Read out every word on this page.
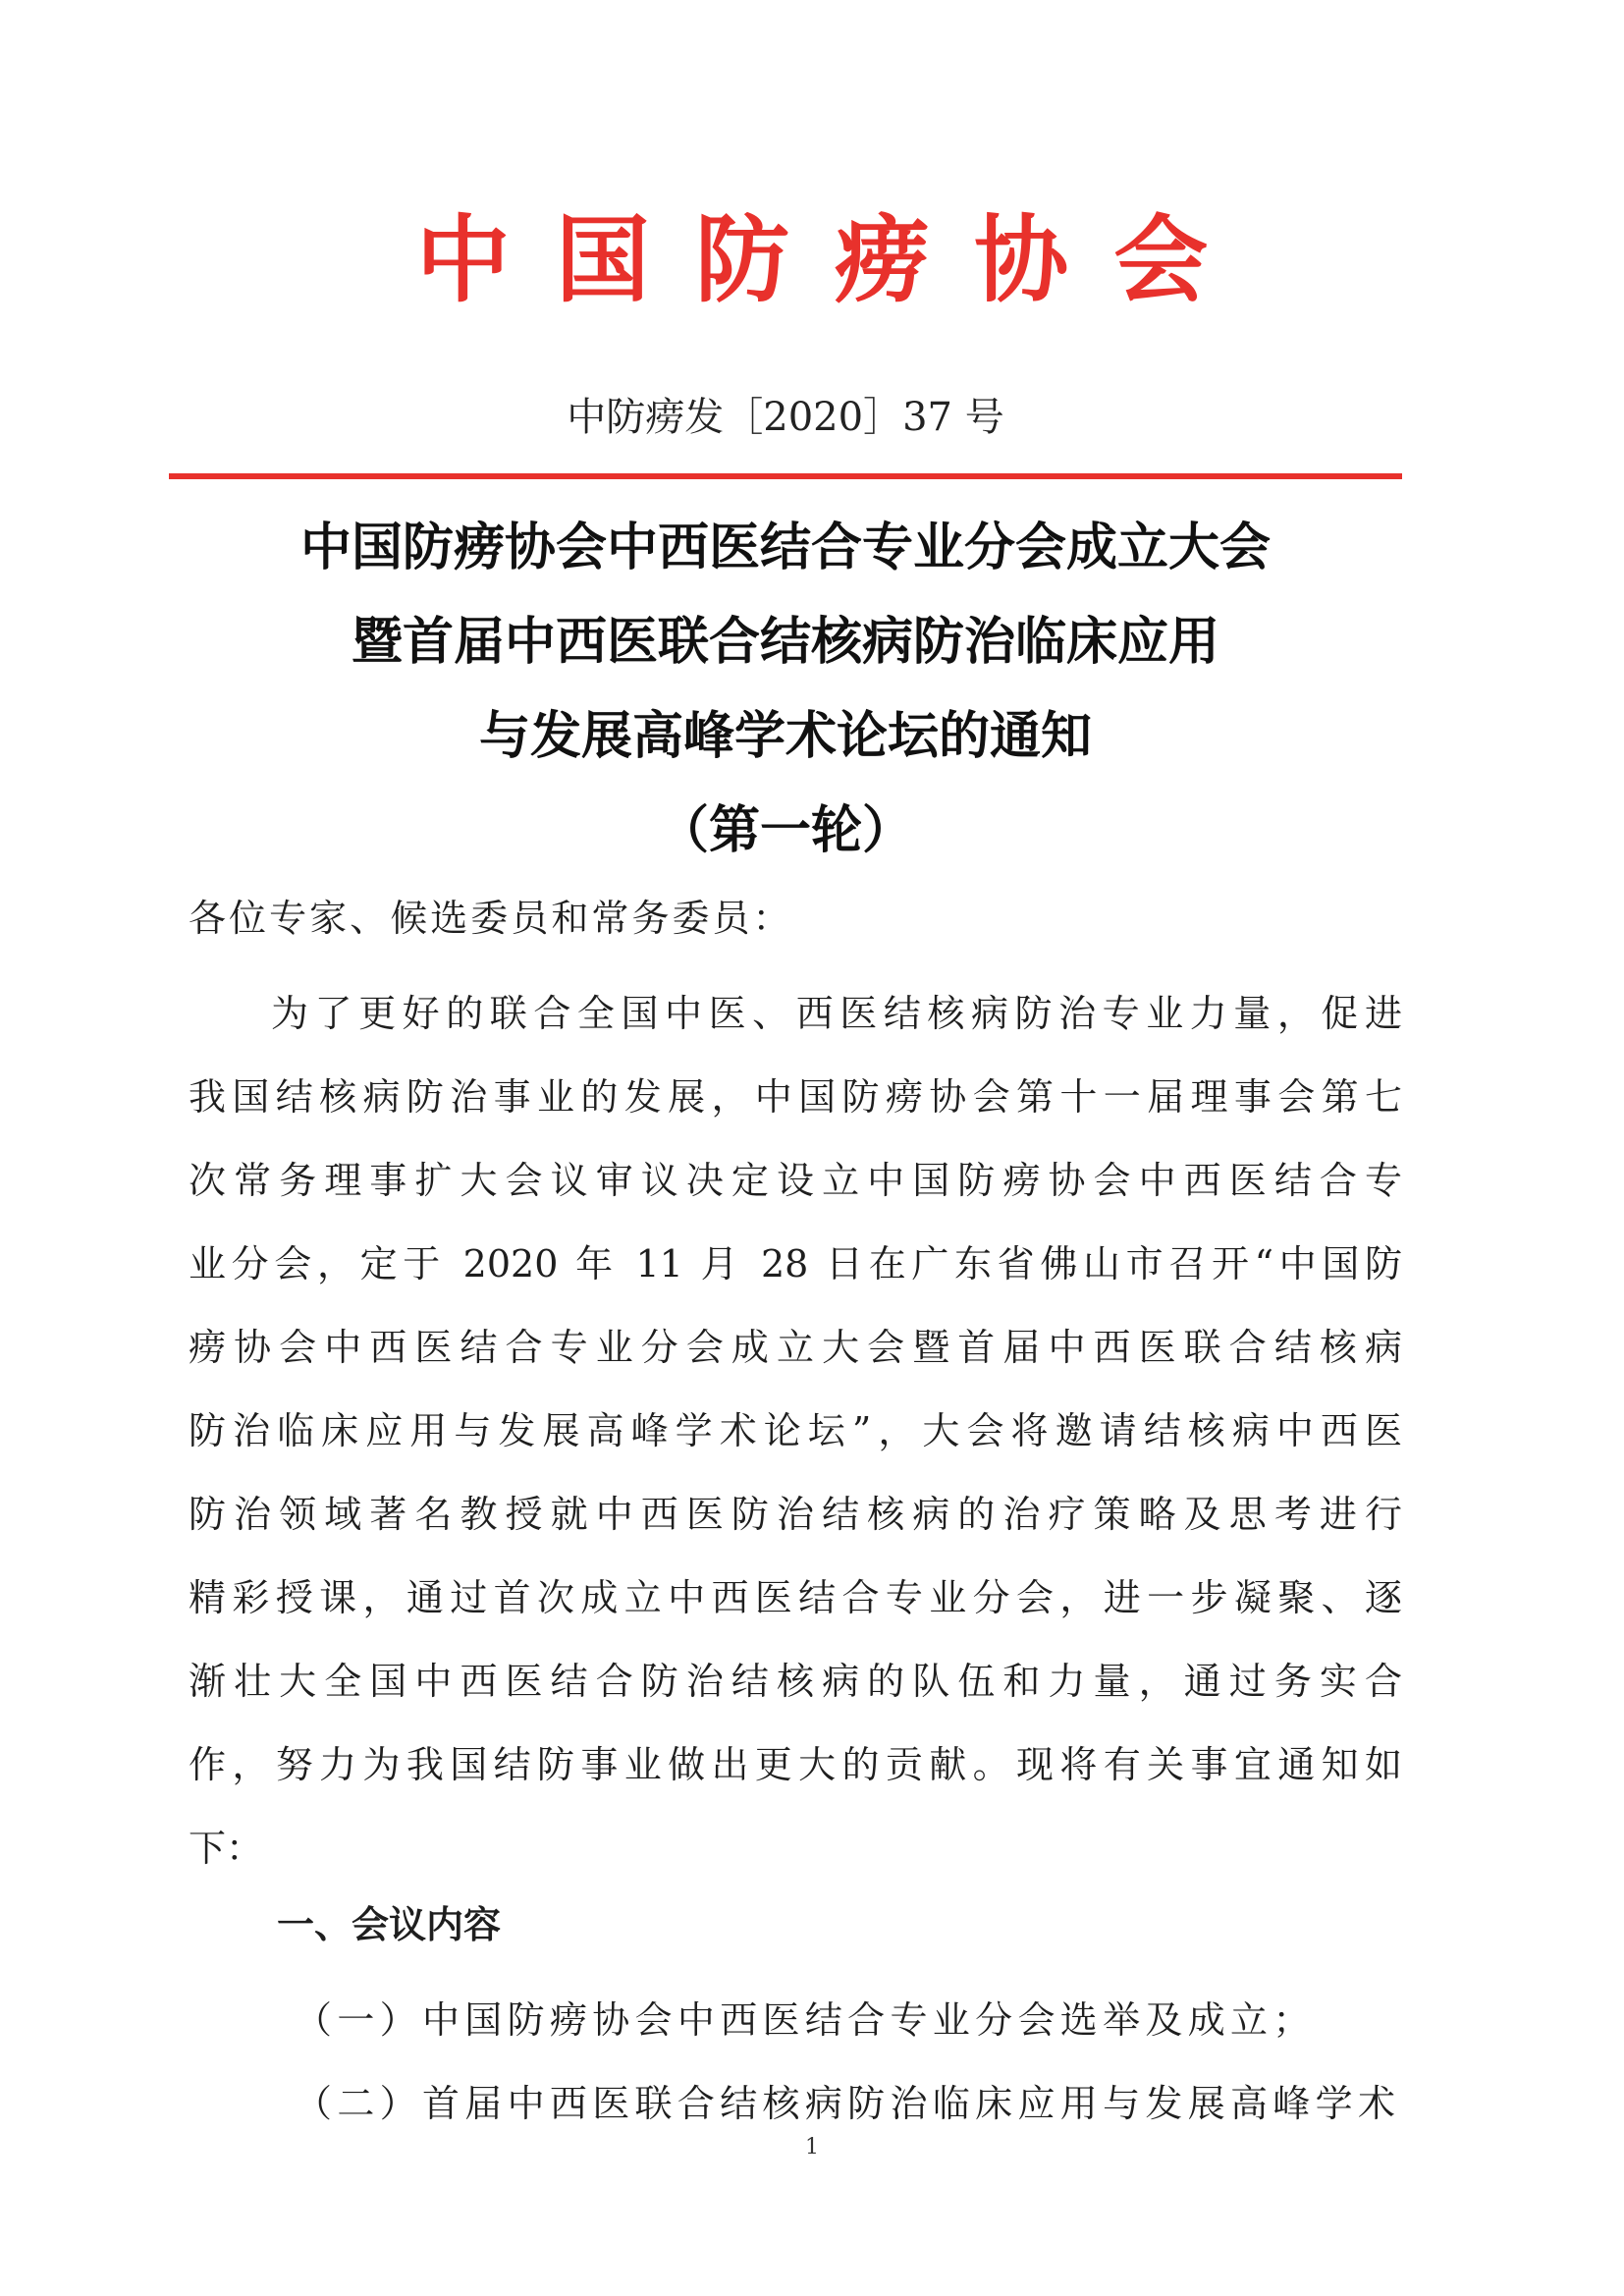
中国防痨协会
中防痨发［2020］37 号
中国防痨协会中西医结合专业分会成立大会
暨首届中西医联合结核病防治临床应用
与发展高峰学术论坛的通知
（第一轮）
各位专家、候选委员和常务委员：
为了更好的联合全国中医、西医结核病防治专业力量，促进
我国结核病防治事业的发展，中国防痨协会第十一届理事会第七
次常务理事扩大会议审议决定设立中国防痨协会中西医结合专
业分会，定于 2020 年 11 月 28 日在广东省佛山市召开“中国防
痨协会中西医结合专业分会成立大会暨首届中西医联合结核病
防治临床应用与发展高峰学术论坛”，大会将邀请结核病中西医
防治领域著名教授就中西医防治结核病的治疗策略及思考进行
精彩授课，通过首次成立中西医结合专业分会，进一步凝聚、逐
渐壮大全国中西医结合防治结核病的队伍和力量，通过务实合
作，努力为我国结防事业做出更大的贡献。现将有关事宜通知如
下：
一、会议内容
（一）中国防痨协会中西医结合专业分会选举及成立；
（二）首届中西医联合结核病防治临床应用与发展高峰学术
1
